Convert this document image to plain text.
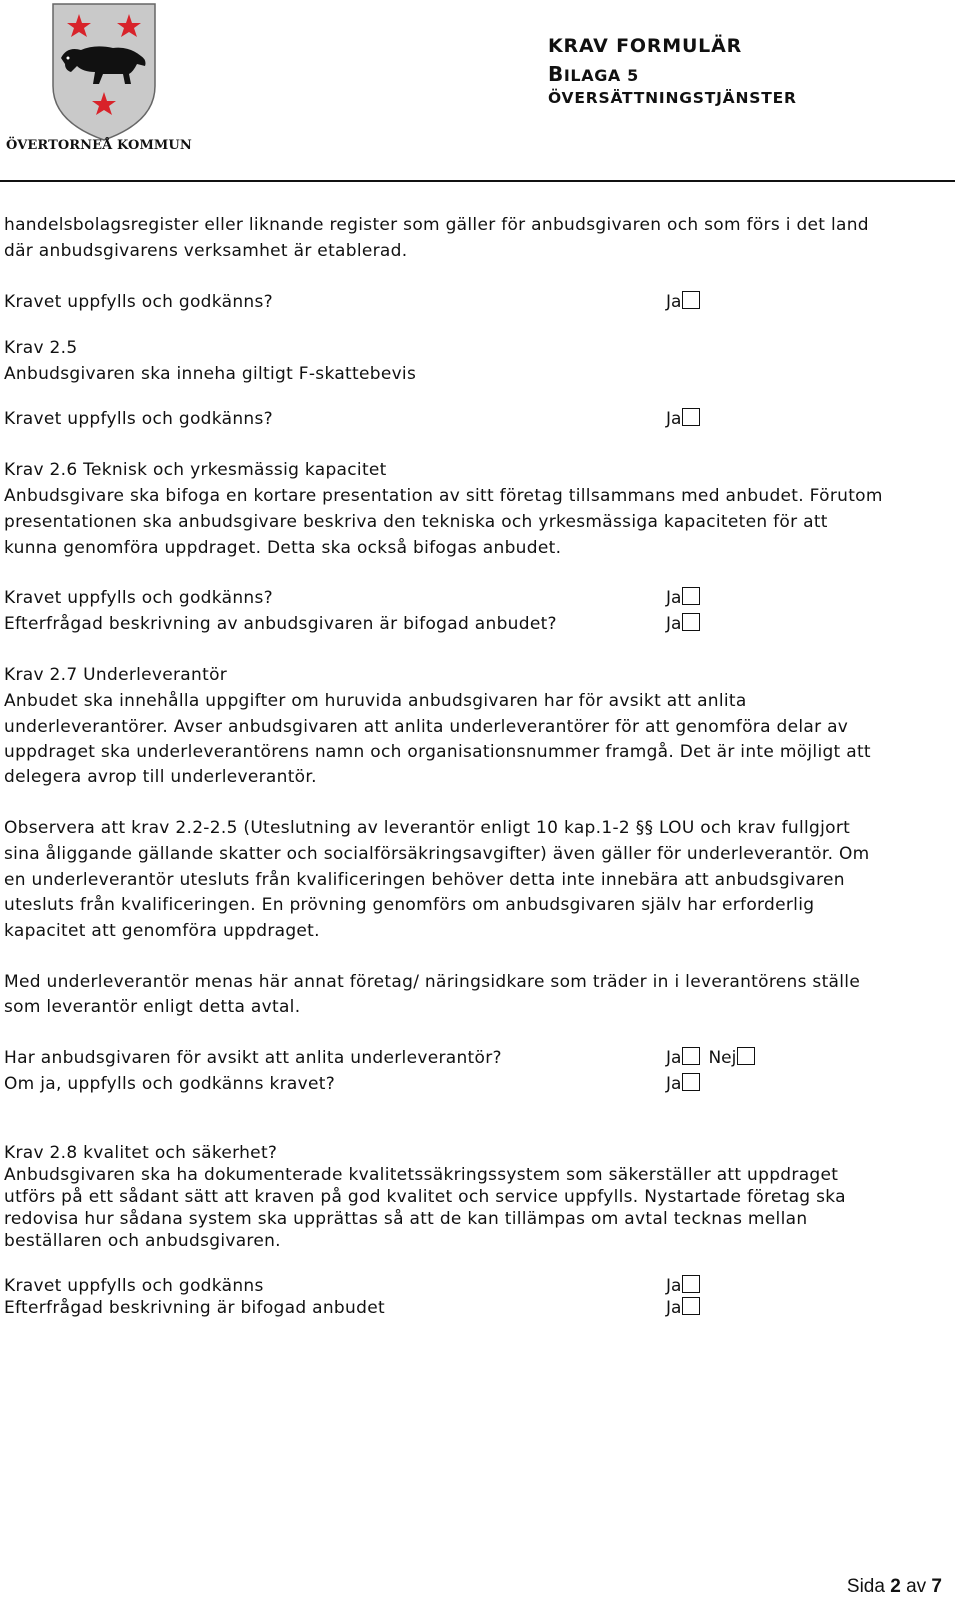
ÖVERTORNEÅ KOMMUN
KRAV FORMULÄR
BILAGA 5
ÖVERSÄTTNINGSTJÄNSTER
handelsbolagsregister eller liknande register som gäller för anbudsgivaren och som förs i det land
där anbudsgivarens verksamhet är etablerad.
Kravet uppfylls och godkänns?	Ja
Krav 2.5
Anbudsgivaren ska inneha giltigt F-skattebevis
Kravet uppfylls och godkänns?	Ja
Krav 2.6 Teknisk och yrkesmässig kapacitet
Anbudsgivare ska bifoga en kortare presentation av sitt företag tillsammans med anbudet. Förutom
presentationen ska anbudsgivare beskriva den tekniska och yrkesmässiga kapaciteten för att
kunna genomföra uppdraget. Detta ska också bifogas anbudet.
Kravet uppfylls och godkänns?	Ja
Efterfrågad beskrivning av anbudsgivaren är bifogad anbudet?	Ja
Krav 2.7 Underleverantör
Anbudet ska innehålla uppgifter om huruvida anbudsgivaren har för avsikt att anlita
underleverantörer. Avser anbudsgivaren att anlita underleverantörer för att genomföra delar av
uppdraget ska underleverantörens namn och organisationsnummer framgå. Det är inte möjligt att
delegera avrop till underleverantör.
Observera att krav 2.2-2.5 (Uteslutning av leverantör enligt 10 kap.1-2 §§ LOU och krav fullgjort
sina åliggande gällande skatter och socialförsäkringsavgifter) även gäller för underleverantör. Om
en underleverantör utesluts från kvalificeringen behöver detta inte innebära att anbudsgivaren
utesluts från kvalificeringen. En prövning genomförs om anbudsgivaren själv har erforderlig
kapacitet att genomföra uppdraget.
Med underleverantör menas här annat företag/ näringsidkare som träder in i leverantörens ställe
som leverantör enligt detta avtal.
Har anbudsgivaren för avsikt att anlita underleverantör?	Ja Nej
Om ja, uppfylls och godkänns kravet?	Ja
Krav 2.8 kvalitet och säkerhet?
Anbudsgivaren ska ha dokumenterade kvalitetssäkringssystem som säkerställer att uppdraget
utförs på ett sådant sätt att kraven på god kvalitet och service uppfylls. Nystartade företag ska
redovisa hur sådana system ska upprättas så att de kan tillämpas om avtal tecknas mellan
beställaren och anbudsgivaren.
Kravet uppfylls och godkänns	Ja
Efterfrågad beskrivning är bifogad anbudet	Ja
Sida 2 av 7
